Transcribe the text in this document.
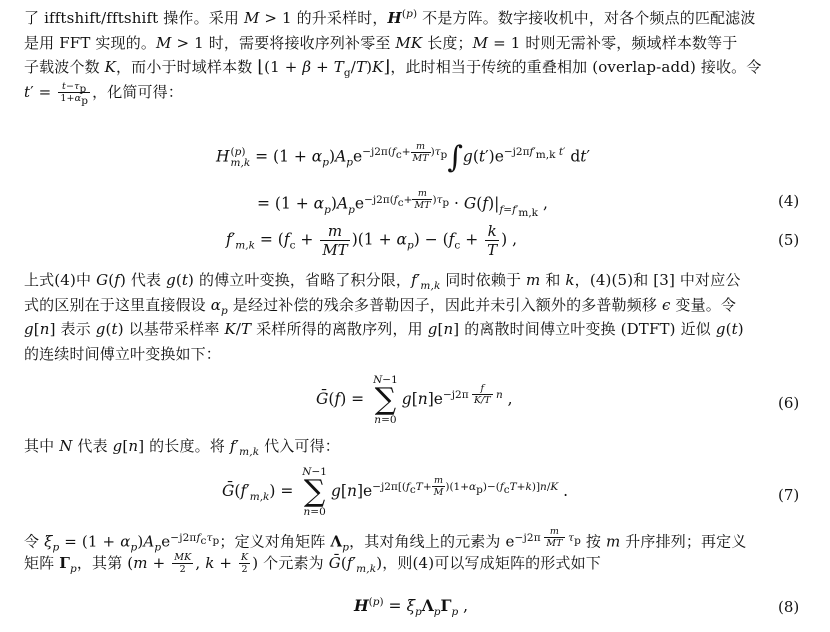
了 ifftshift/fftshift 操作。采用 M > 1 的升采样时，$H^{(p)}$ 不是方阵。数字接收机中，对各个频点的匹配滤波
是用 FFT 实现的。M > 1 时，需要将接收序列补零至 MK 长度；M = 1 时则无需补零，频域样本数等于
子载波个数 K，而小于时域样本数 ⌊(1 + $\beta + T_g/T)K⌋$，此时相当于传统的重叠相加 (overlap-add) 接收。令
$t' = \frac{t-\tau_p}{1+\alpha_p}$ ，化简可得：
H (p)
$m,k = (1 + \alpha_p)A_pe^{-j2\pi(f_c+ \frac{m}{MT} )\tau_p}\int g(t')e^{-j2\pi f'_{m,k} t'}$ dt′
= $(1 + \alpha_p)A_pe^{-j2\pi(f_c+ \frac{m}{MT} )\tau_p} \cdot G(f)|_{f=f'_{m,k}}$ ,	(4)
$f'_{m,k} = (f_c + \frac{m}{MT} )(1 + \alpha_p) - (f_c + \frac{k}{T}$ ) ,	(5)
上式(4)中 G(f) 代表 g(t) 的傅立叶变换，省略了积分限，$f'_{m,k}$ 同时依赖于 m 和 k，(4)(5)和 [3] 中对应公
式的区别在于这里直接假设 $\alpha_p$ 是经过补偿的残余多普勒因子，因此并未引入额外的多普勒频移 ϵ 变量。令
g[n] 表示 g(t) 以基带采样率 K/T 采样所得的离散序列，用 g[n] 的离散时间傅立叶变换 (DTFT) 近似 g(t)
的连续时间傅立叶变换如下：
Ḡ(f) =
N−1
∑
n=0
$g[n]e^{-j2\pi \frac{f}{K/T} n}$ ,	(6)
其中 N 代表 g[n] 的长度。将 $f'_{m,k}$ 代入可得：
$Ḡ(f'_{m,k})$ =
N−1
∑
n=0
$g[n]e^{-j2\pi[(f_cT+ \frac{m}{M} )(1+\alpha_p)-(f_cT+k)]n/K}$ .	(7)
令 $\xi_p = (1 + \alpha_p)A_pe^{-j2\pi f_c\tau_p}$；定义对角矩阵 $\Lambda_p$，其对角线上的元素为 $e^{-j2\pi \frac{m}{MT} \tau_p}$ 按 m 升序排列；再定义
矩阵 $\Gamma_p$，其第 ($m + \frac{MK}{2}$ , $k + \frac{K}{2}$ ) 个元素为 $Ḡ(f'_{m,k})$，则(4)可以写成矩阵的形式如下
$H^{(p)} = \xi_p\Lambda_p\Gamma_p$ ,	(8)
